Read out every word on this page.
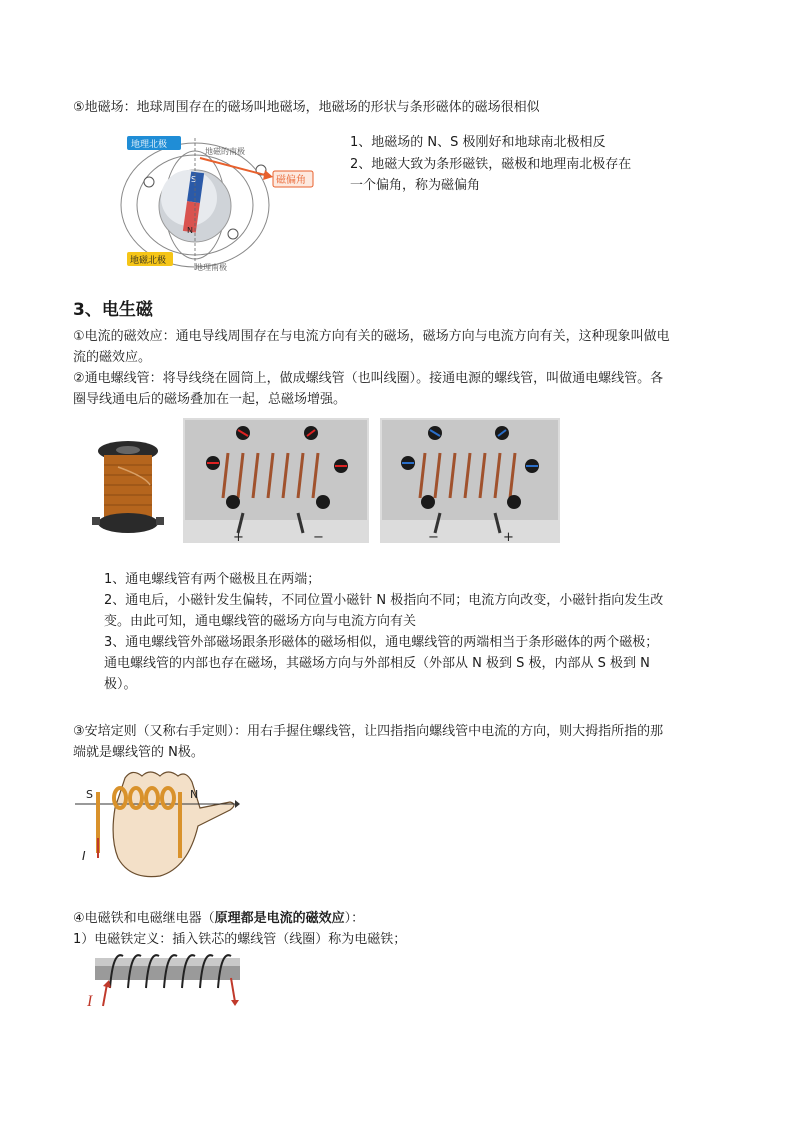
⑤地磁场：地球周围存在的磁场叫地磁场，地磁场的形状与条形磁体的磁场很相似
S
N
地理北极
地磁的南极
磁偏角
地磁北极
地理南极
1、地磁场的 N、S 极刚好和地球南北极相反
2、地磁大致为条形磁铁，磁极和地理南北极存在
一个偏角，称为磁偏角
3、电生磁
①电流的磁效应：通电导线周围存在与电流方向有关的磁场，磁场方向与电流方向有关，这种现象叫做电
流的磁效应。
②通电螺线管：将导线绕在圆筒上，做成螺线管（也叫线圈）。接通电源的螺线管，叫做通电螺线管。各
圈导线通电后的磁场叠加在一起，总磁场增强。
+	−	−	+
1、通电螺线管有两个磁极且在两端；
2、通电后，小磁针发生偏转，不同位置小磁针 N 极指向不同；电流方向改变，小磁针指向发生改
变。由此可知，通电螺线管的磁场方向与电流方向有关
3、通电螺线管外部磁场跟条形磁体的磁场相似，通电螺线管的两端相当于条形磁体的两个磁极；
通电螺线管的内部也存在磁场，其磁场方向与外部相反（外部从 N 极到 S 极，内部从 S 极到 N
极）。
③安培定则（又称右手定则）：用右手握住螺线管，让四指指向螺线管中电流的方向，则大拇指所指的那
端就是螺线管的 N极。
S	N
I
④电磁铁和电磁继电器（原理都是电流的磁效应）：
1）电磁铁定义：插入铁芯的螺线管（线圈）称为电磁铁；
I
